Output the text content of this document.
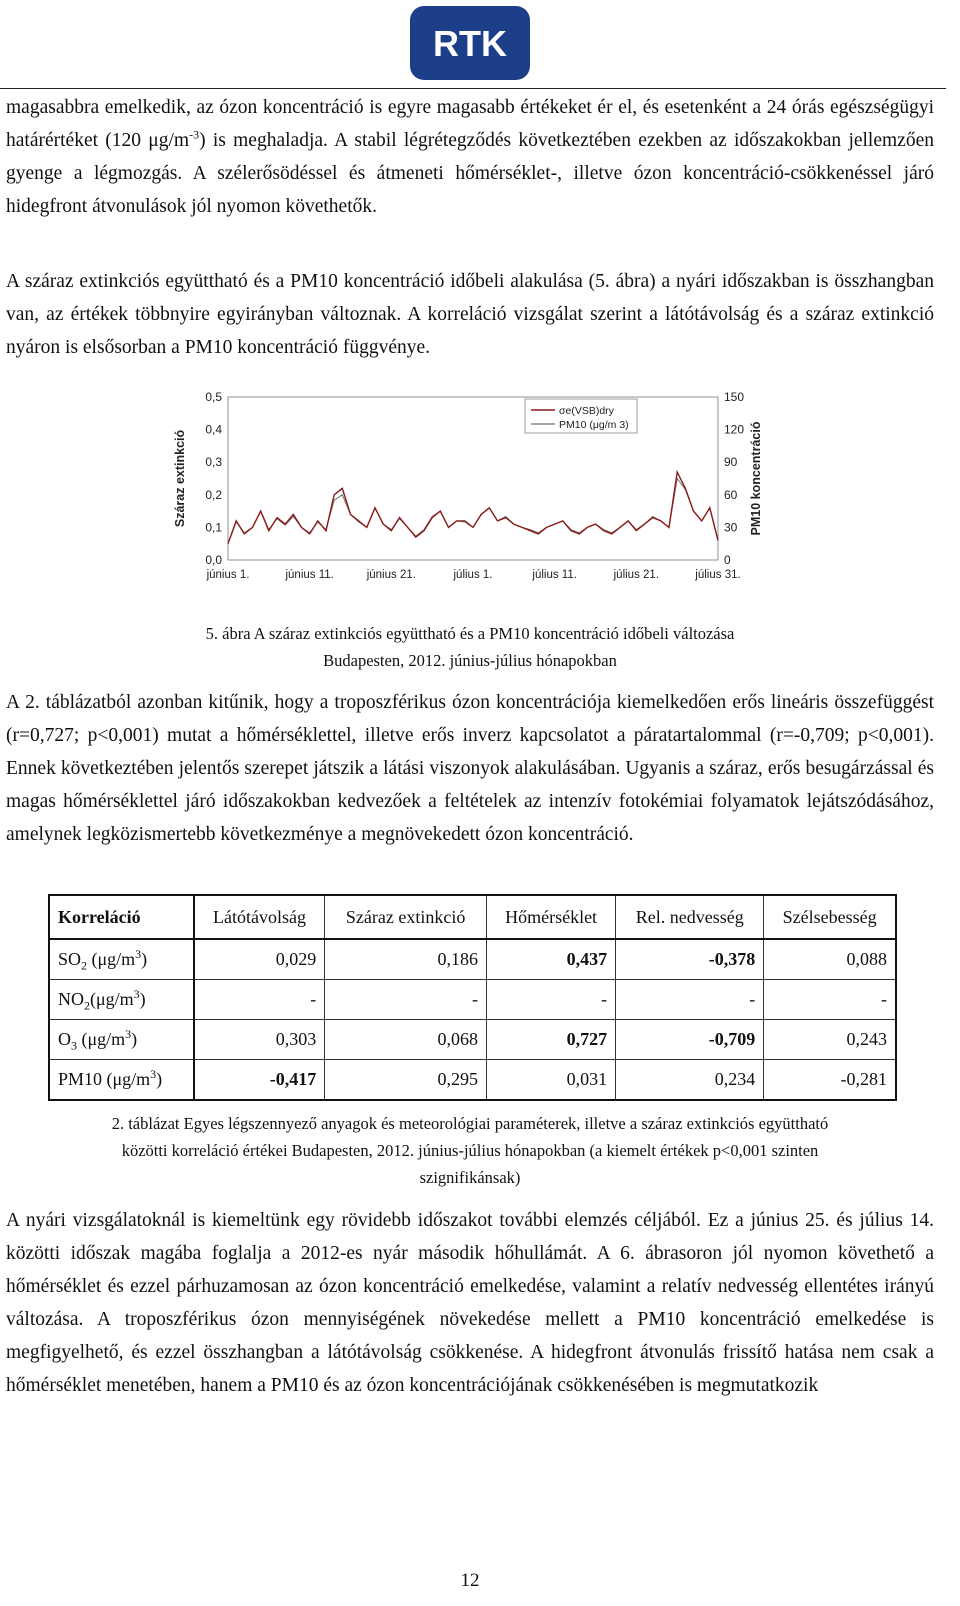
RTK

magasabbra emelkedik, az ózon koncentráció is egyre magasabb értékeket ér el, és esetenként a 24 órás egészségügyi határértéket (120 $\mu g/m^{-3}$) is meghaladja. A stabil légrétegződés következtében ezekben az időszakokban jellemzően gyenge a légmozgás. A szélerősödéssel és átmeneti hőmérséklet-, illetve ózon koncentráció-csökkenéssel járó hidegfront átvonulások jól nyomon követhetők.

A száraz extinkciós együttható és a PM10 koncentráció időbeli alakulása (5. ábra) a nyári időszakban is összhangban van, az értékek többnyire egyirányban változnak. A korreláció vizsgálat szerint a látótávolság és a száraz extinkció nyáron is elsősorban a PM10 koncentráció függvénye.

0,0
0,1
0,2
0,3
0,4
0,5
0
30
60
90
120
150
június 1.	június 11.	június 21.	július 1.	július 11.	július 21.	július 31.
Száraz extinkció	PM10 koncentráció
σe(VSB)dry
PM10 (μg/m 3)

5. ábra A száraz extinkciós együttható és a PM10 koncentráció időbeli változása
Budapesten, 2012. június-július hónapokban

A 2. táblázatból azonban kitűnik, hogy a troposzférikus ózon koncentrációja kiemelkedően erős lineáris összefüggést (r=0,727; p<0,001) mutat a hőmérséklettel, illetve erős inverz kapcsolatot a páratartalommal (r=-0,709; p<0,001). Ennek következtében jelentős szerepet játszik a látási viszonyok alakulásában. Ugyanis a száraz, erős besugárzással és magas hőmérséklettel járó időszakokban kedvezőek a feltételek az intenzív fotokémiai folyamatok lejátszódásához, amelynek legközismertebb következménye a megnövekedett ózon koncentráció.

Korreláció	Látótávolság	Száraz extinkció	Hőmérséklet	Rel. nedvesség	Szélsebesség
$SO_2$ $(\mu g/m^3)$	0,029	0,186	0,437	-0,378	0,088
$NO_2(\mu g/m^3)$	-	-	-	-	-
$O_3$ $(\mu g/m^3)$	0,303	0,068	0,727	-0,709	0,243
PM10 $(\mu g/m^3)$	-0,417	0,295	0,031	0,234	-0,281

2. táblázat Egyes légszennyező anyagok és meteorológiai paraméterek, illetve a száraz extinkciós együttható
közötti korreláció értékei Budapesten, 2012. június-július hónapokban (a kiemelt értékek p<0,001 szinten
szignifikánsak)

A nyári vizsgálatoknál is kiemeltünk egy rövidebb időszakot további elemzés céljából. Ez a június 25. és július 14. közötti időszak magába foglalja a 2012-es nyár második hőhullámát. A 6. ábrasoron jól nyomon követhető a hőmérséklet és ezzel párhuzamosan az ózon koncentráció emelkedése, valamint a relatív nedvesség ellentétes irányú változása. A troposzférikus ózon mennyiségének növekedése mellett a PM10 koncentráció emelkedése is megfigyelhető, és ezzel összhangban a látótávolság csökkenése. A hidegfront átvonulás frissítő hatása nem csak a hőmérséklet menetében, hanem a PM10 és az ózon koncentrációjának csökkenésében is megmutatkozik

12
